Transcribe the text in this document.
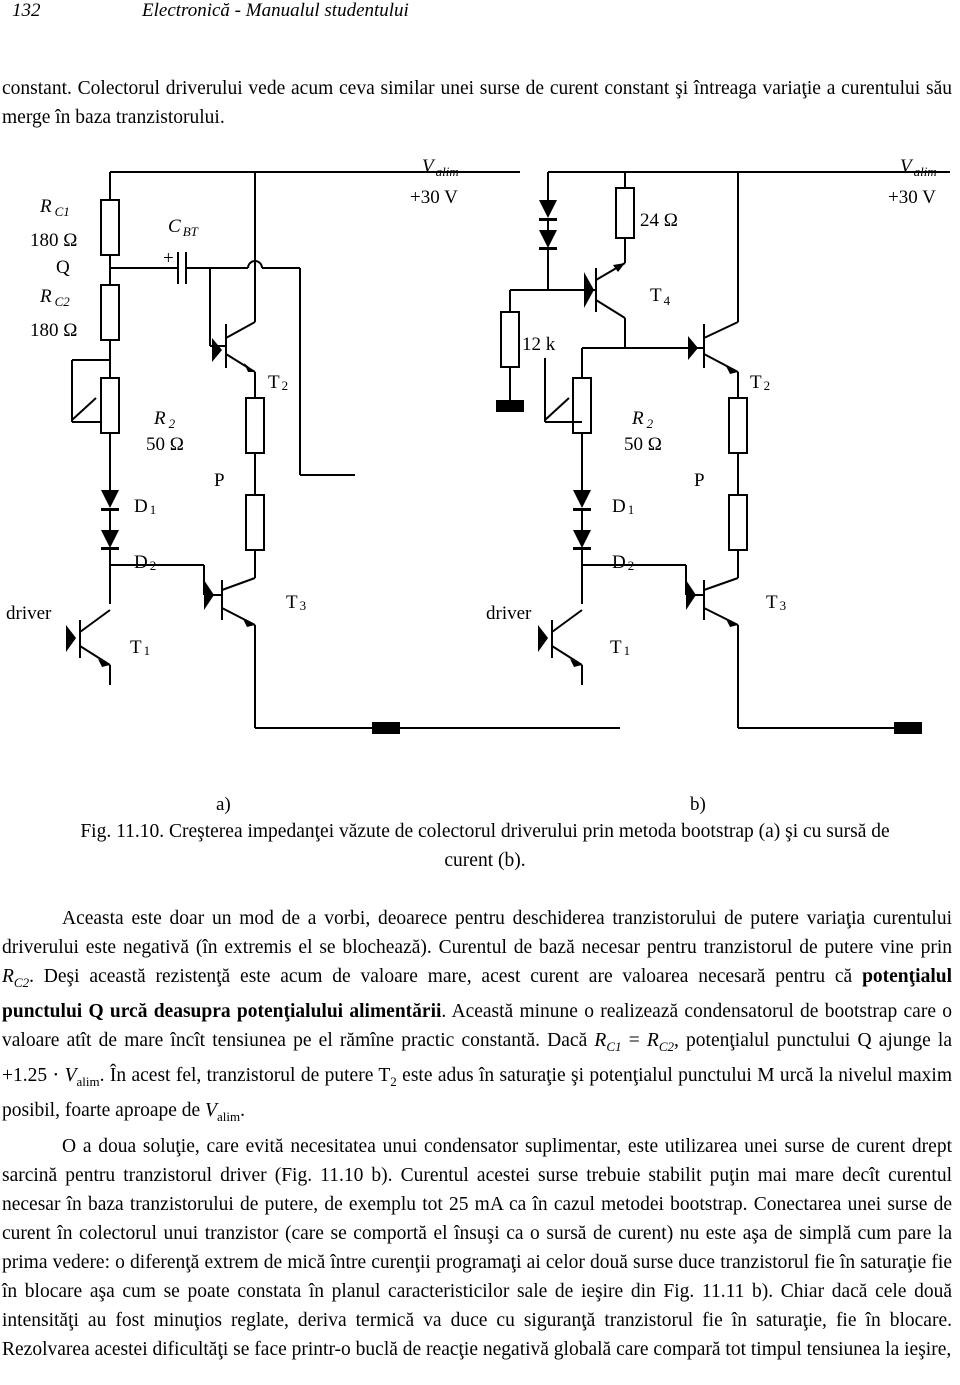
132	Electronică - Manualul studentului

constant. Colectorul driverului vede acum ceva similar unei surse de curent constant şi întreaga variaţie a curentului său merge în baza tranzistorului.

R $_{C1}$
180 Ω
Q
R $_{C2}$
180 Ω
C $_{BT}$
+
V $_{alim}$
+30 V
T 2
R $_2$
50 Ω
P
D 1
D 2
T 3
driver
T 1
24 Ω
T $_4$
12 k
V $_{alim}$
+30 V
T 2
R $_2$
50 Ω
P
D 1
D 2
T 3
driver
T 1
a)	b)
Fig. 11.10. Creşterea impedanţei văzute de colectorul driverului prin metoda bootstrap (a) şi cu sursă de
curent (b).

Aceasta este doar un mod de a vorbi, deoarece pentru deschiderea tranzistorului de putere variaţia curentului driverului este negativă (în extremis el se blochează). Curentul de bază necesar pentru tranzistorul de putere vine prin $R_{C2}$. Deşi această rezistenţă este acum de valoare mare, acest curent are valoarea necesară pentru că potenţialul punctului Q urcă deasupra potenţialului alimentării. Această minune o realizează condensatorul de bootstrap care o valoare atît de mare încît tensiunea pe el rămîne practic constantă. Dacă $R_{C1} = R_{C2}$, potenţialul punctului Q ajunge la $+1.25 \cdot V_{alim}$. În acest fel, tranzistorul de putere $T_2$ este adus în saturaţie şi potenţialul punctului M urcă la nivelul maxim posibil, foarte aproape de $V_{alim}$.

O a doua soluţie, care evită necesitatea unui condensator suplimentar, este utilizarea unei surse de curent drept sarcină pentru tranzistorul driver (Fig. 11.10 b). Curentul acestei surse trebuie stabilit puţin mai mare decît curentul necesar în baza tranzistorului de putere, de exemplu tot 25 mA ca în cazul metodei bootstrap. Conectarea unei surse de curent în colectorul unui tranzistor (care se comportă el însuşi ca o sursă de curent) nu este aşa de simplă cum pare la prima vedere: o diferenţă extrem de mică între curenţii programaţi ai celor două surse duce tranzistorul fie în saturaţie fie în blocare aşa cum se poate constata în planul caracteristicilor sale de ieşire din Fig. 11.11 b). Chiar dacă cele două intensităţi au fost minuţios reglate, deriva termică va duce cu siguranţă tranzistorul fie în saturaţie, fie în blocare. Rezolvarea acestei dificultăţi se face printr-o buclă de reacţie negativă globală care compară tot timpul tensiunea la ieşire,
